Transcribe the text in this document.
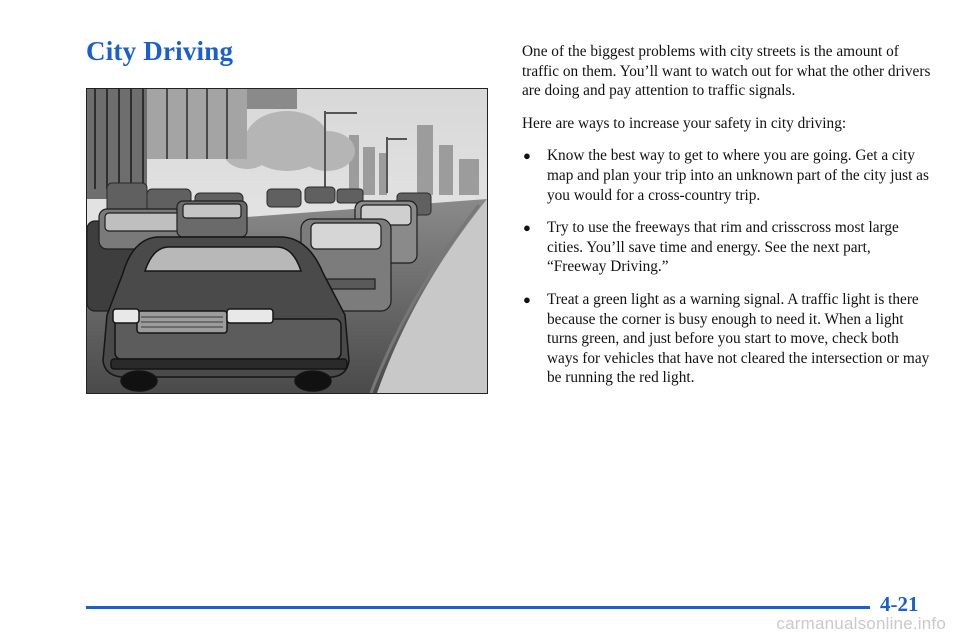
City Driving	One of the biggest problems with city streets is the amount of traffic on them. You’ll want to watch out for what the other drivers are doing and pay attention to traffic signals.

Here are ways to increase your safety in city driving:

● Know the best way to get to where you are going. Get a city map and plan your trip into an unknown part of the city just as you would for a cross-country trip.
● Try to use the freeways that rim and crisscross most large cities. You’ll save time and energy. See the next part, “Freeway Driving.”
● Treat a green light as a warning signal. A traffic light is there because the corner is busy enough to need it. When a light turns green, and just before you start to move, check both ways for vehicles that have not cleared the intersection or may be running the red light.
4-21
carmanualsonline.info
